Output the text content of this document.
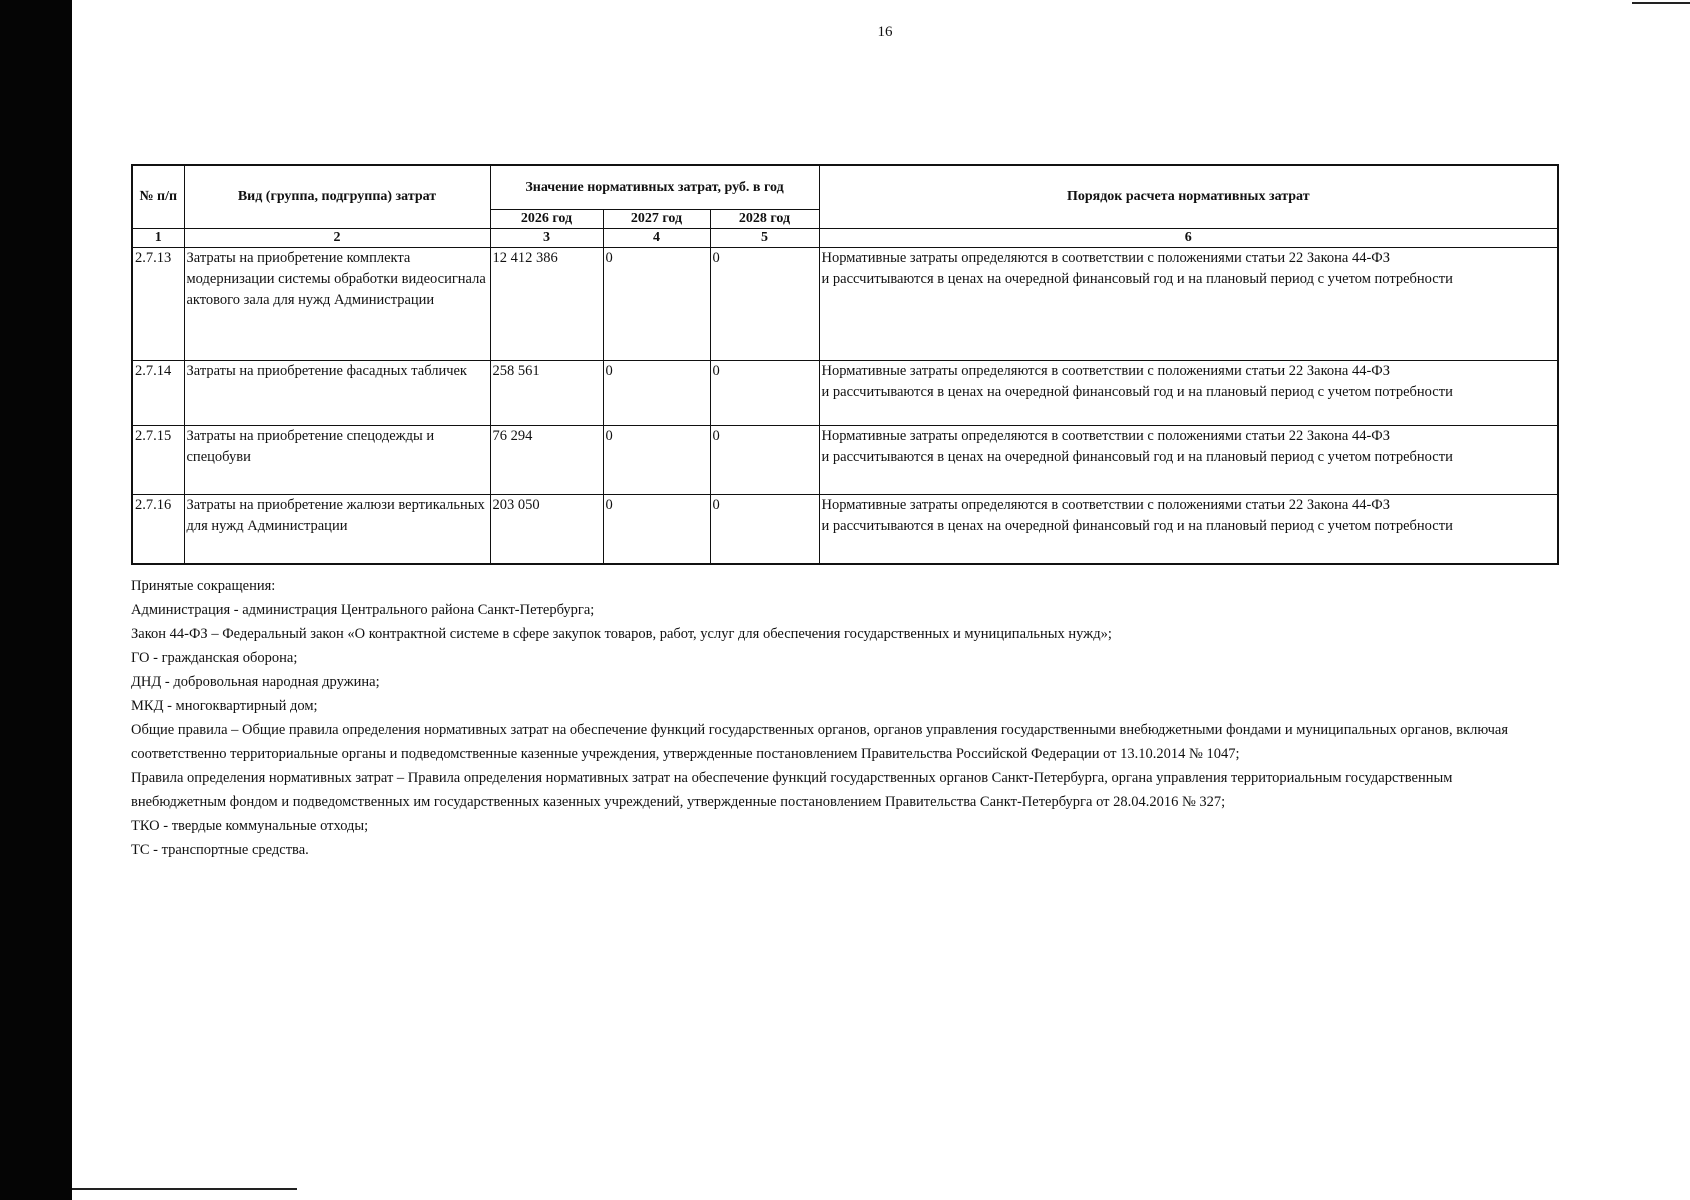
16
№ п/п	Вид (группа, подгруппа) затрат	Значение нормативных затрат, руб. в год			Порядок расчета нормативных затрат
		2026 год	2027 год	2028 год	
1	2	3	4	5	6
2.7.13	Затраты на приобретение комплекта модернизации системы обработки видеосигнала актового зала для нужд Администрации	12 412 386	0	0	Нормативные затраты определяются в соответствии с положениями статьи 22 Закона 44-ФЗ
и рассчитываются в ценах на очередной финансовый год и на плановый период с учетом потребности

2.7.14	Затраты на приобретение фасадных табличек	258 561	0	0	Нормативные затраты определяются в соответствии с положениями статьи 22 Закона 44-ФЗ
и рассчитываются в ценах на очередной финансовый год и на плановый период с учетом потребности

2.7.15	Затраты на приобретение спецодежды и спецобуви	76 294	0	0	Нормативные затраты определяются в соответствии с положениями статьи 22 Закона 44-ФЗ
и рассчитываются в ценах на очередной финансовый год и на плановый период с учетом потребности

2.7.16	Затраты на приобретение жалюзи вертикальных для нужд Администрации	203 050	0	0	Нормативные затраты определяются в соответствии с положениями статьи 22 Закона 44-ФЗ
и рассчитываются в ценах на очередной финансовый год и на плановый период с учетом потребности

Принятые сокращения:

Администрация - администрация Центрального района Санкт-Петербурга;

Закон 44-ФЗ – Федеральный закон «О контрактной системе в сфере закупок товаров, работ, услуг для обеспечения государственных и муниципальных нужд»;

ГО - гражданская оборона;

ДНД - добровольная народная дружина;

МКД - многоквартирный дом;

Общие правила – Общие правила определения нормативных затрат на обеспечение функций государственных органов, органов управления государственными внебюджетными фондами и муниципальных органов, включая соответственно территориальные органы и подведомственные казенные учреждения, утвержденные постановлением Правительства Российской Федерации от 13.10.2014 № 1047;

Правила определения нормативных затрат – Правила определения нормативных затрат на обеспечение функций государственных органов Санкт-Петербурга, органа управления территориальным государственным внебюджетным фондом и подведомственных им государственных казенных учреждений, утвержденные постановлением Правительства Санкт-Петербурга от 28.04.2016 № 327;

ТКО - твердые коммунальные отходы;

ТС - транспортные средства.
